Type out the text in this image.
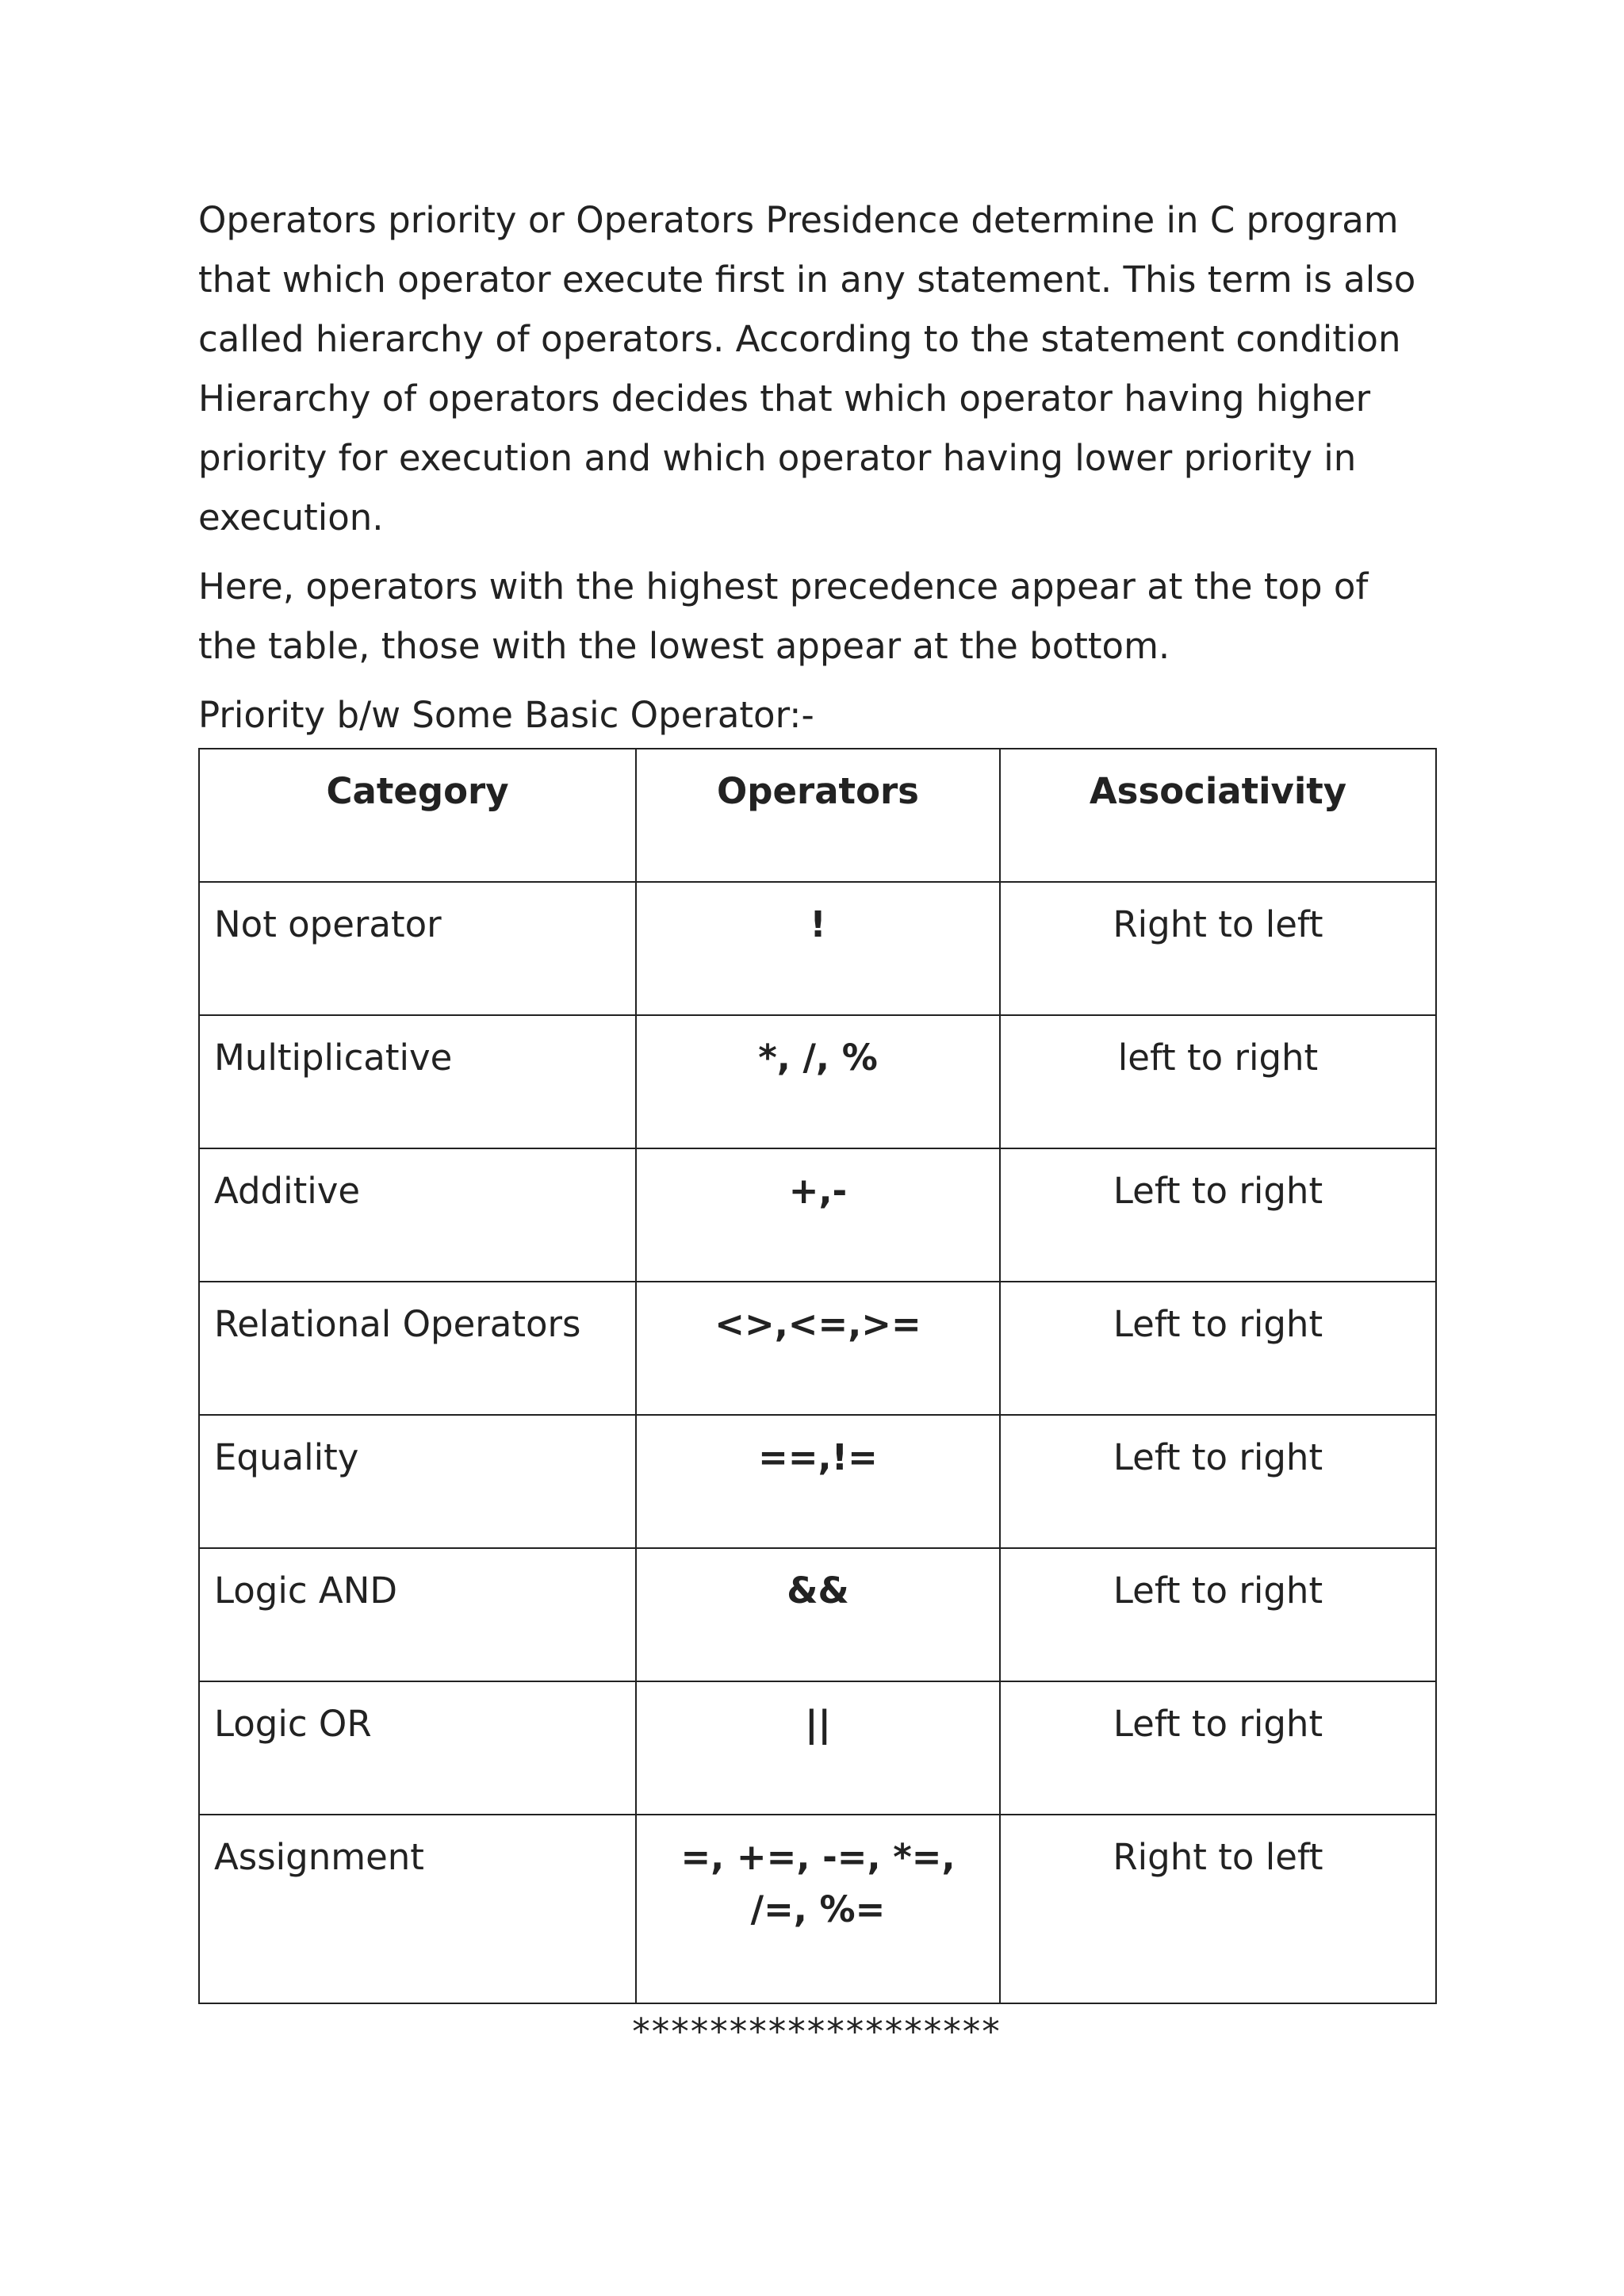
Operators priority or Operators Presidence determine in C program that which operator execute first in any statement. This term is also called hierarchy of operators. According to the statement condition Hierarchy of operators decides that which operator having higher priority for execution and which operator having lower priority in execution.

Here, operators with the highest precedence appear at the top of the table, those with the lowest appear at the bottom.

Priority b/w Some Basic Operator:-

Category	Operators	Associativity
Not operator	!	Right to left
Multiplicative	*, /, %	left to right
Additive	+,-	Left to right
Relational Operators	<>,<=,>=	Left to right
Equality	==,!=	Left to right
Logic AND	&&	Left to right
Logic OR	||	Left to right
Assignment	=, +=, -=, *=, /=, %=	Right to left
*******************
